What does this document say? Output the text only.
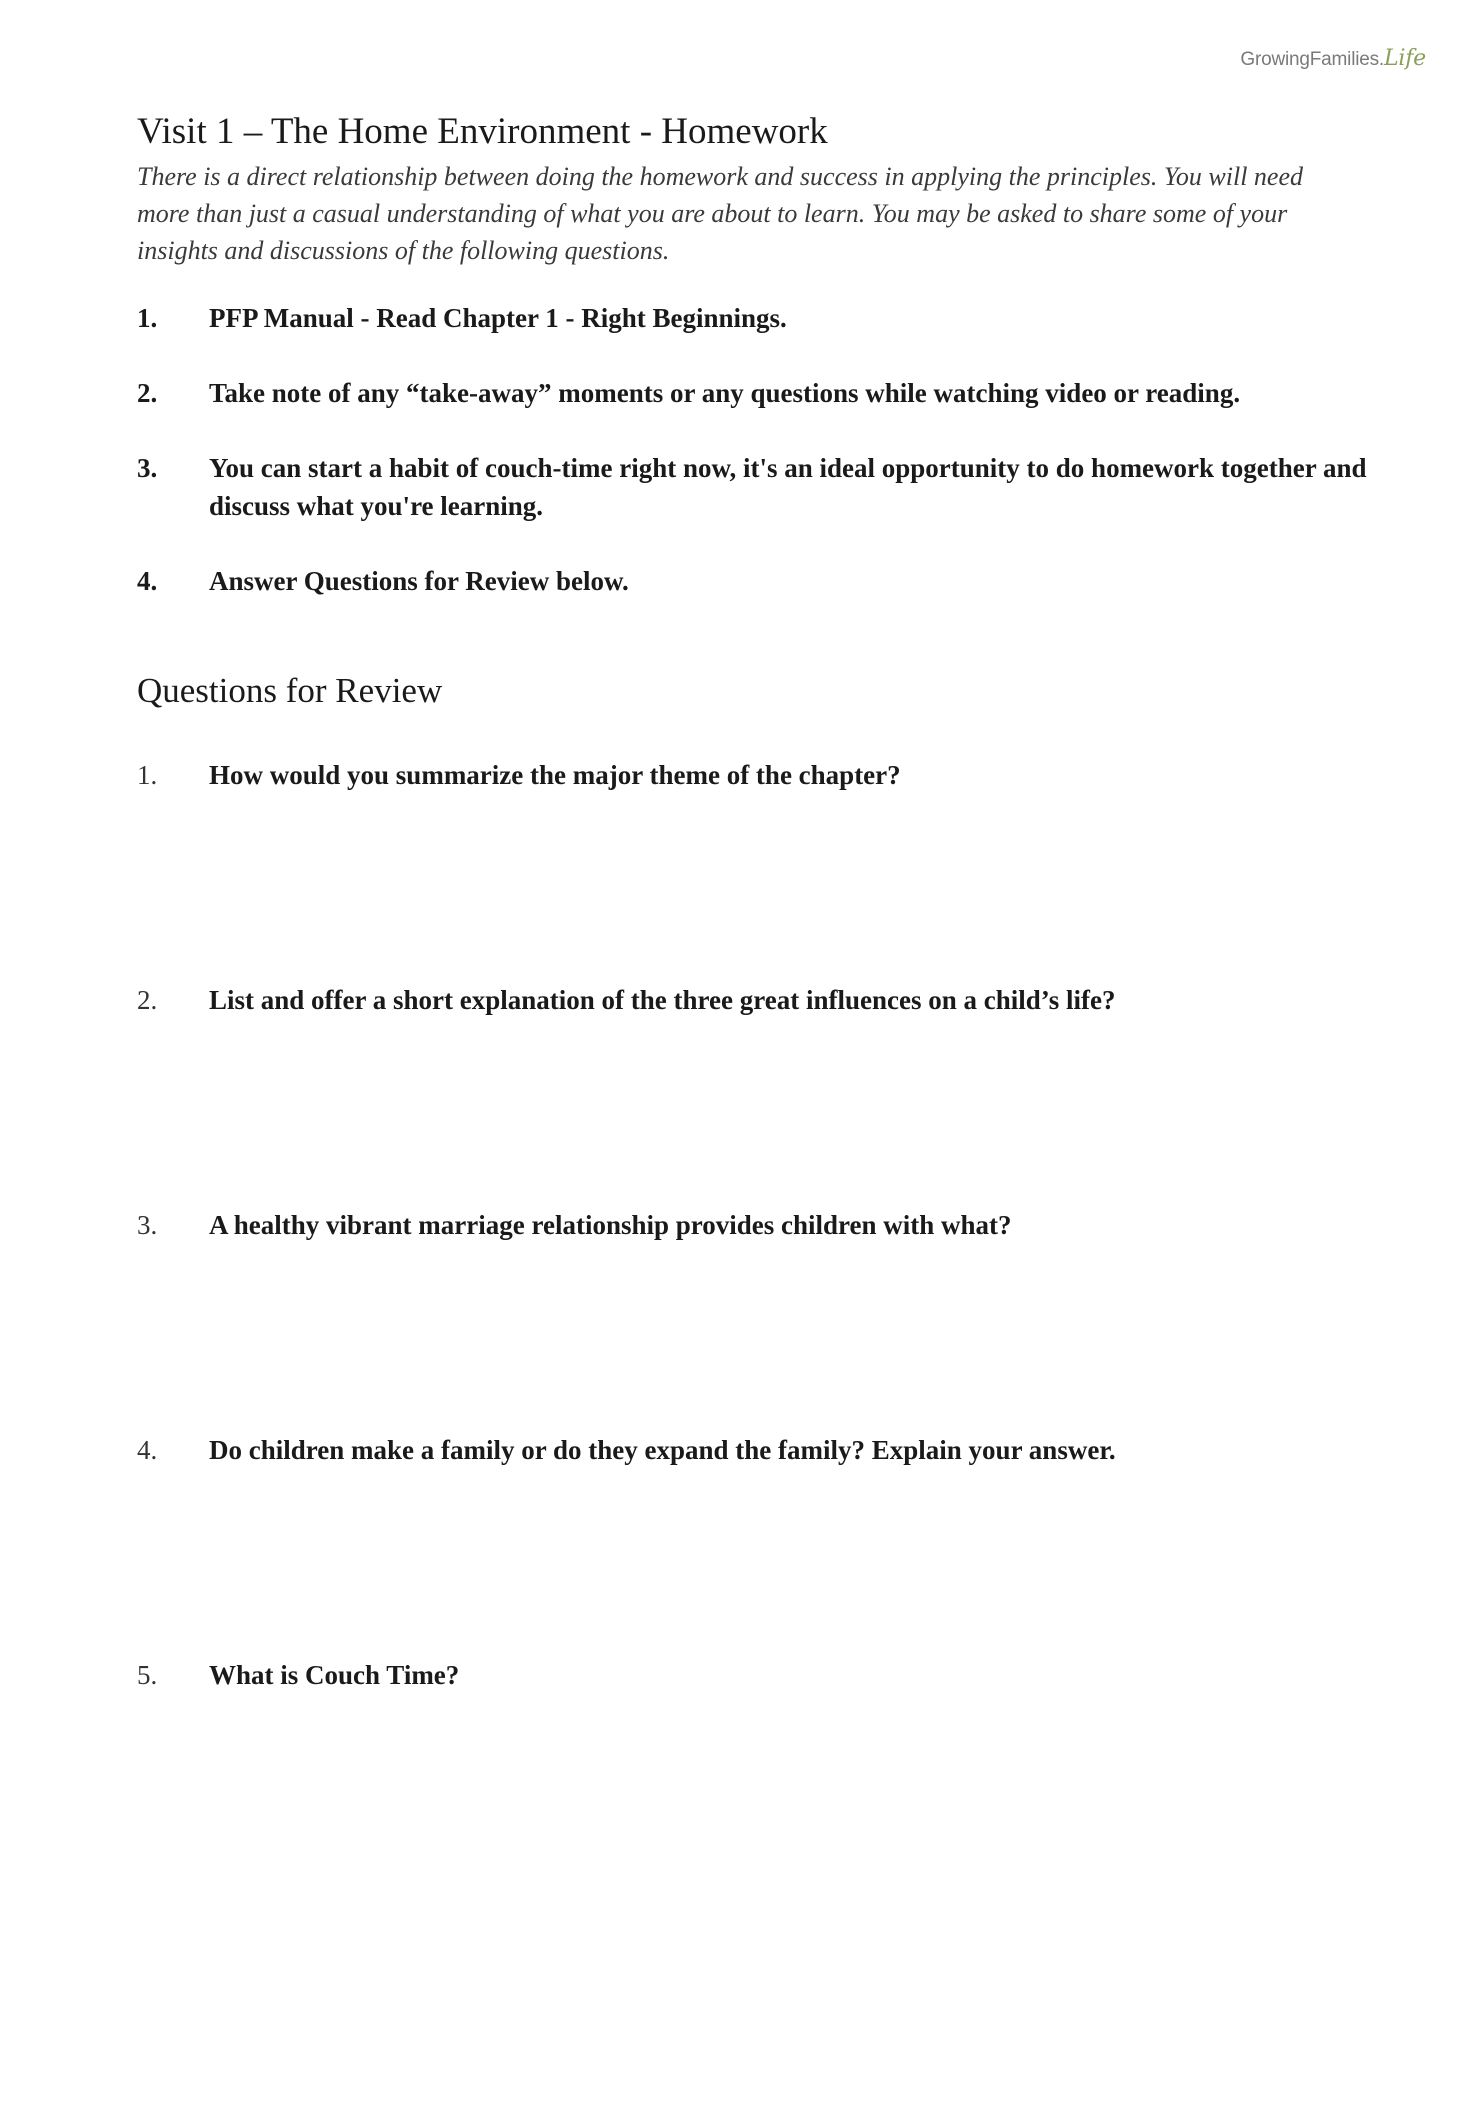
GrowingFamilies.Life
Visit 1 – The Home Environment - Homework

There is a direct relationship between doing the homework and success in applying the principles. You will need more than just a casual understanding of what you are about to learn. You may be asked to share some of your insights and discussions of the following questions.

1.	PFP Manual - Read Chapter 1 - Right Beginnings.
2.	Take note of any “take-away” moments or any questions while watching video or reading.
3.	You can start a habit of couch-time right now, it's an ideal opportunity to do homework together and discuss what you're learning.
4.	Answer Questions for Review below.
Questions for Review
1.	How would you summarize the major theme of the chapter?
2.	List and offer a short explanation of the three great influences on a child’s life?
3.	A healthy vibrant marriage relationship provides children with what?
4.	Do children make a family or do they expand the family? Explain your answer.
5.	What is Couch Time?
